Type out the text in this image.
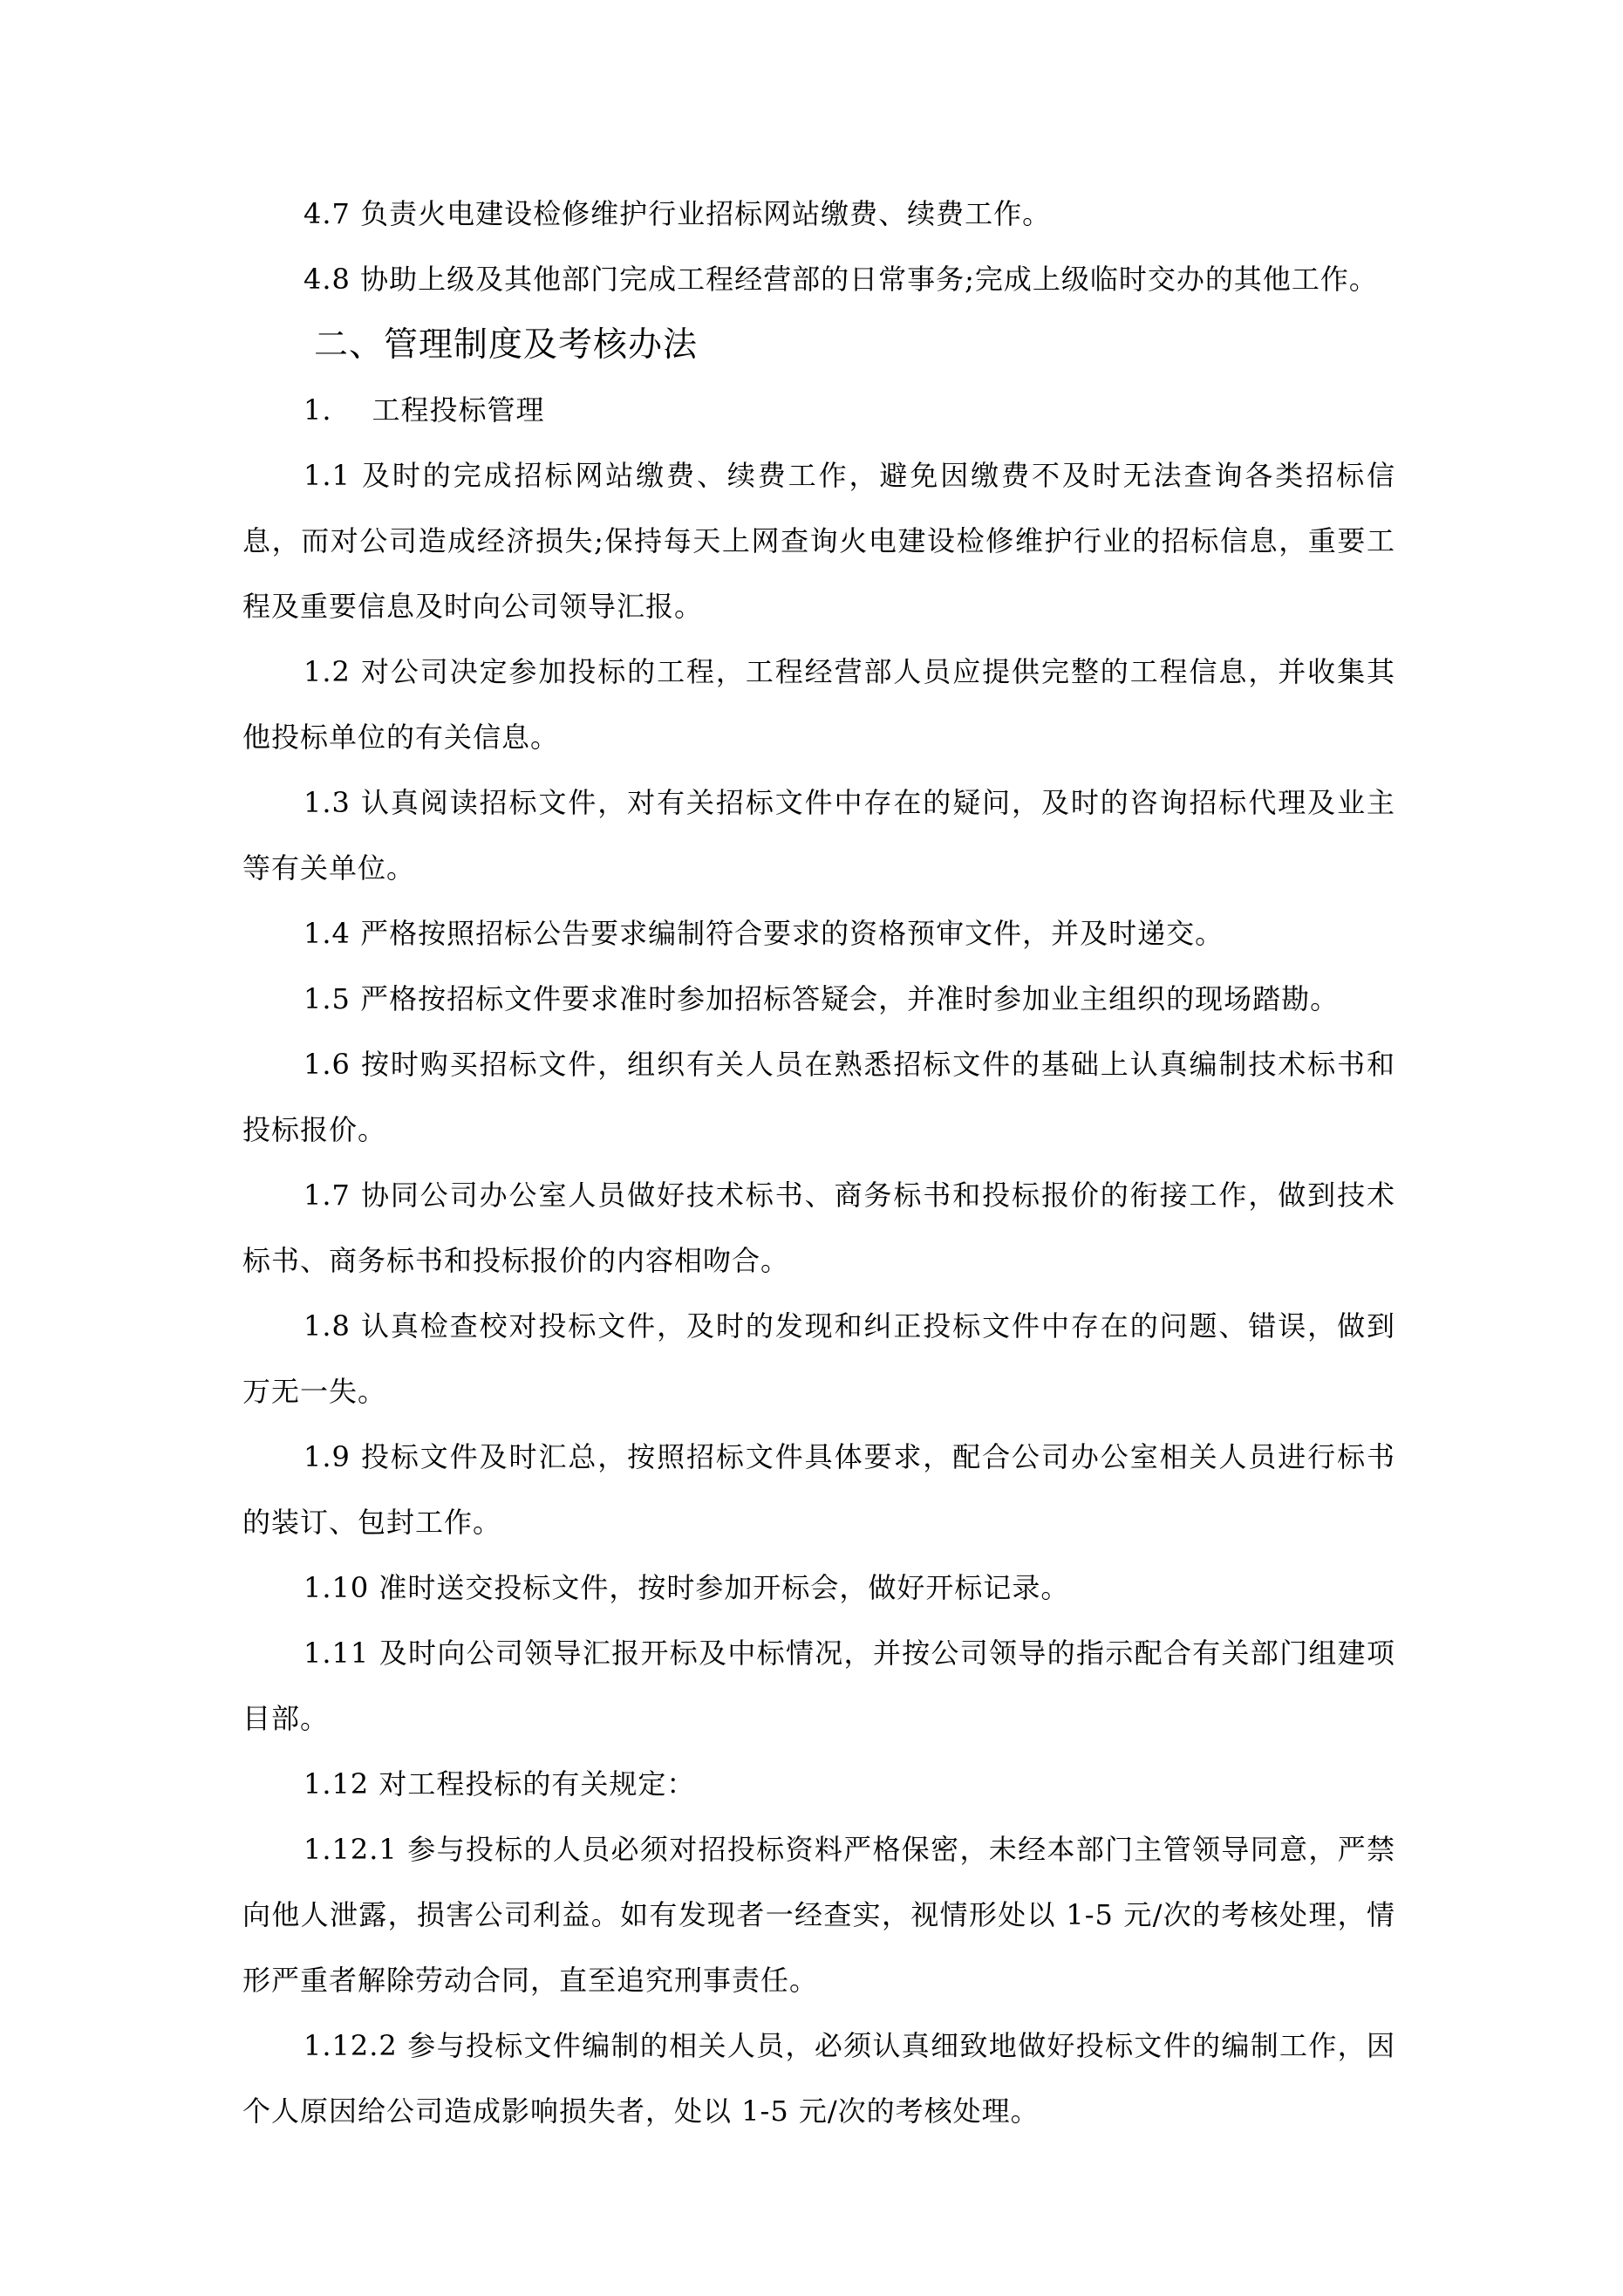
4.7 负责火电建设检修维护行业招标网站缴费、续费工作。

4.8 协助上级及其他部门完成工程经营部的日常事务;完成上级临时交办的其他工作。

二、管理制度及考核办法

1. 工程投标管理

1.1 及时的完成招标网站缴费、续费工作，避免因缴费不及时无法查询各类招标信息，而对公司造成经济损失;保持每天上网查询火电建设检修维护行业的招标信息，重要工程及重要信息及时向公司领导汇报。

1.2 对公司决定参加投标的工程，工程经营部人员应提供完整的工程信息，并收集其他投标单位的有关信息。

1.3 认真阅读招标文件，对有关招标文件中存在的疑问，及时的咨询招标代理及业主等有关单位。

1.4 严格按照招标公告要求编制符合要求的资格预审文件，并及时递交。

1.5 严格按招标文件要求准时参加招标答疑会，并准时参加业主组织的现场踏勘。

1.6 按时购买招标文件，组织有关人员在熟悉招标文件的基础上认真编制技术标书和投标报价。

1.7 协同公司办公室人员做好技术标书、商务标书和投标报价的衔接工作，做到技术标书、商务标书和投标报价的内容相吻合。

1.8 认真检查校对投标文件，及时的发现和纠正投标文件中存在的问题、错误，做到万无一失。

1.9 投标文件及时汇总，按照招标文件具体要求，配合公司办公室相关人员进行标书的装订、包封工作。

1.10 准时送交投标文件，按时参加开标会，做好开标记录。

1.11 及时向公司领导汇报开标及中标情况，并按公司领导的指示配合有关部门组建项目部。

1.12 对工程投标的有关规定：

1.12.1 参与投标的人员必须对招投标资料严格保密，未经本部门主管领导同意，严禁向他人泄露，损害公司利益。如有发现者一经查实，视情形处以 1-5 元/次的考核处理，情形严重者解除劳动合同，直至追究刑事责任。

1.12.2 参与投标文件编制的相关人员，必须认真细致地做好投标文件的编制工作，因个人原因给公司造成影响损失者，处以 1-5 元/次的考核处理。
